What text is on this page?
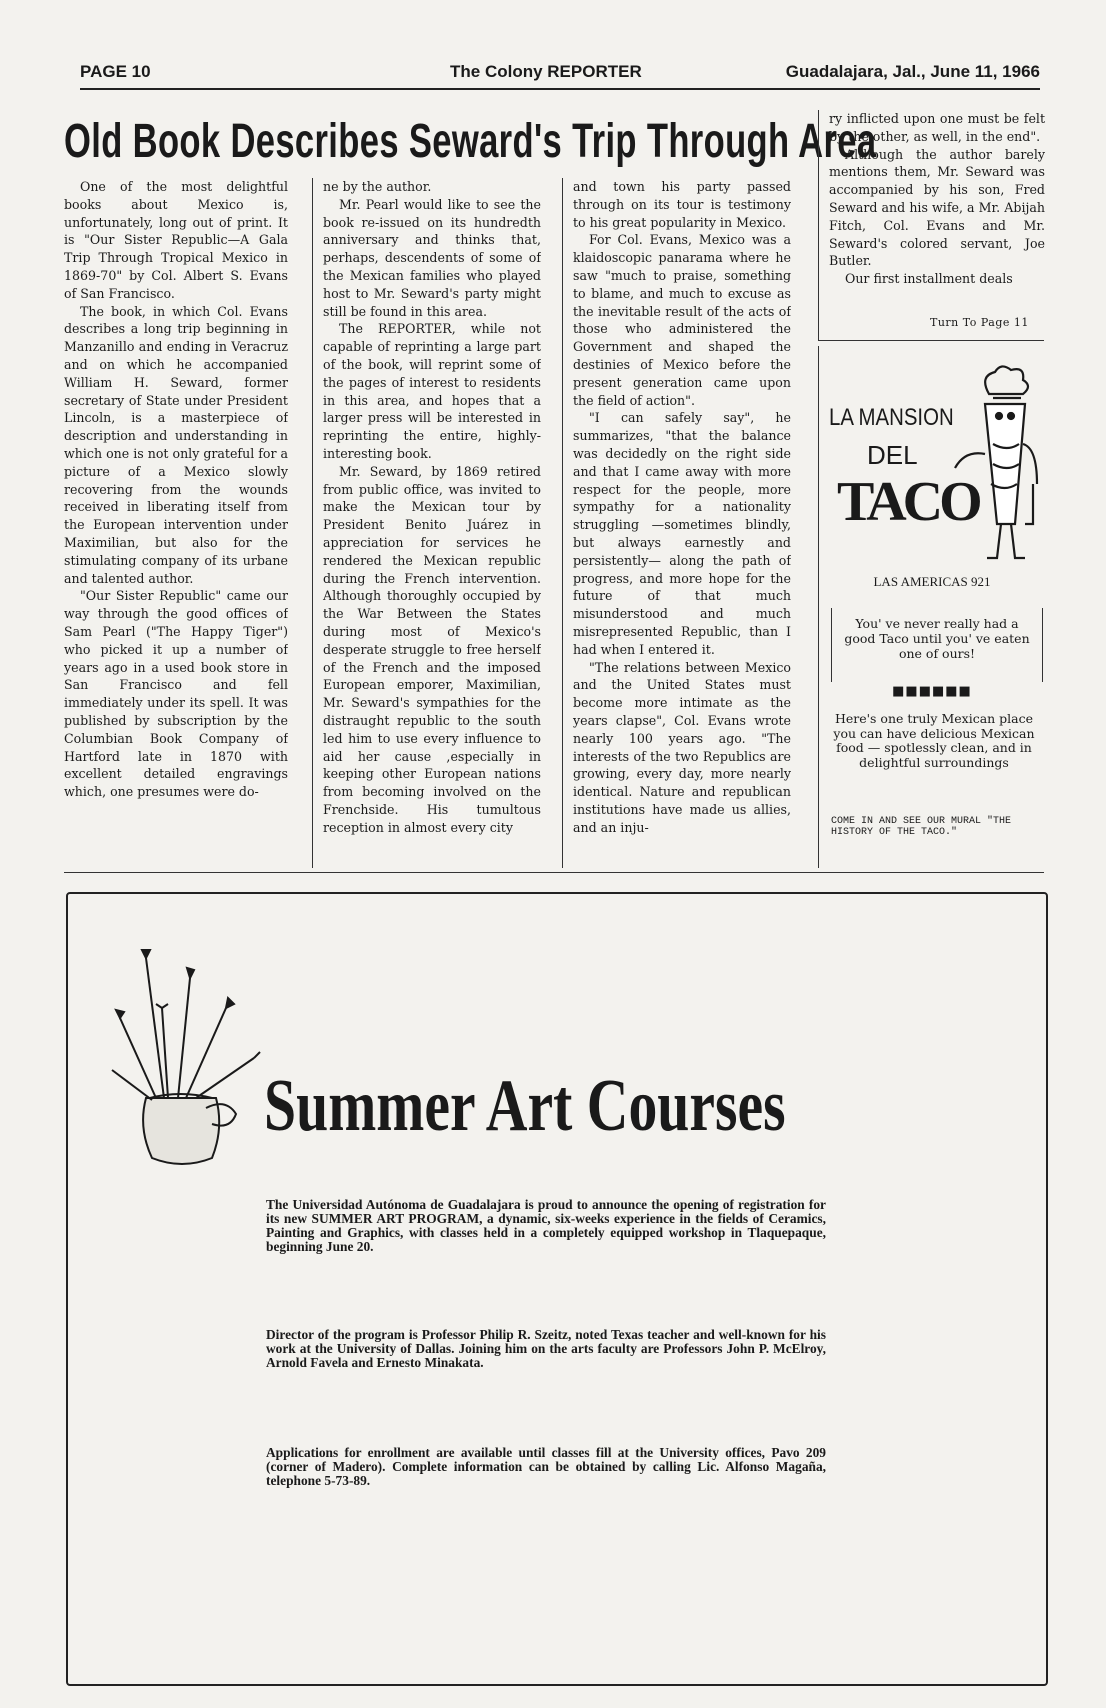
PAGE 10	The Colony REPORTER	Guadalajara, Jal., June 11, 1966
Old Book Describes Seward's Trip Through Area

One of the most delightful books about Mexico is, unfortunately, long out of print. It is "Our Sister Republic—A Gala Trip Through Tropical Mexico in 1869-70" by Col. Albert S. Evans of San Francisco.

The book, in which Col. Evans describes a long trip beginning in Manzanillo and ending in Veracruz and on which he accompanied William H. Seward, former secretary of State under President Lincoln, is a masterpiece of description and understanding in which one is not only grateful for a picture of a Mexico slowly recovering from the wounds received in liberating itself from the European intervention under Maximilian, but also for the stimulating company of its urbane and talented author.

"Our Sister Republic" came our way through the good offices of Sam Pearl ("The Happy Tiger") who picked it up a number of years ago in a used book store in San Francisco and fell immediately under its spell. It was published by subscription by the Columbian Book Company of Hartford late in 1870 with excellent detailed engravings which, one presumes were do-

ne by the author.

Mr. Pearl would like to see the book re-issued on its hundredth anniversary and thinks that, perhaps, descendents of some of the Mexican families who played host to Mr. Seward's party might still be found in this area.

The REPORTER, while not capable of reprinting a large part of the book, will reprint some of the pages of interest to residents in this area, and hopes that a larger press will be interested in reprinting the entire, highly-interesting book.

Mr. Seward, by 1869 retired from public office, was invited to make the Mexican tour by President Benito Juárez in appreciation for services he rendered the Mexican republic during the French intervention. Although thoroughly occupied by the War Between the States during most of Mexico's desperate struggle to free herself of the French and the imposed European emporer, Maximilian, Mr. Seward's sympathies for the distraught republic to the south led him to use every influence to aid her cause ,especially in keeping other European nations from becoming involved on the Frenchside. His tumultous reception in almost every city

and town his party passed through on its tour is testimony to his great popularity in Mexico.

For Col. Evans, Mexico was a klaidoscopic panarama where he saw "much to praise, something to blame, and much to excuse as the inevitable result of the acts of those who administered the Government and shaped the destinies of Mexico before the present generation came upon the field of action".

"I can safely say", he summarizes, "that the balance was decidedly on the right side and that I came away with more respect for the people, more sympathy for a nationality struggling —sometimes blindly, but always earnestly and persistently— along the path of progress, and more hope for the future of that much misunderstood and much misrepresented Republic, than I had when I entered it.

"The relations between Mexico and the United States must become more intimate as the years clapse", Col. Evans wrote nearly 100 years ago. "The interests of the two Republics are growing, every day, more nearly identical. Nature and republican institutions have made us allies, and an inju-

ry inflicted upon one must be felt by the other, as well, in the end".

Although the author barely mentions them, Mr. Seward was accompanied by his son, Fred Seward and his wife, a Mr. Abijah Fitch, Col. Evans and Mr. Seward's colored servant, Joe Butler.

Our first installment deals

Turn To Page 11
LA MANSION
DEL
TACO
LAS AMERICAS 921
You' ve never really had a good Taco until you' ve eaten one of ours!
■■■■■■
Here's one truly Mexican place you can have delicious Mexican food — spotlessly clean, and in delightful surroundings
COME IN AND SEE OUR MURAL "THE HISTORY OF THE TACO."
Summer Art Courses
The Universidad Autónoma de Guadalajara is proud to announce the opening of registration for its new SUMMER ART PROGRAM, a dynamic, six-weeks experience in the fields of Ceramics, Painting and Graphics, with classes held in a completely equipped workshop in Tlaquepaque, beginning June 20.
Director of the program is Professor Philip R. Szeitz, noted Texas teacher and well-known for his work at the University of Dallas. Joining him on the arts faculty are Professors John P. McElroy, Arnold Favela and Ernesto Minakata.
Applications for enrollment are available until classes fill at the University offices, Pavo 209 (corner of Madero). Complete information can be obtained by calling Lic. Alfonso Magaña, telephone 5-73-89.
